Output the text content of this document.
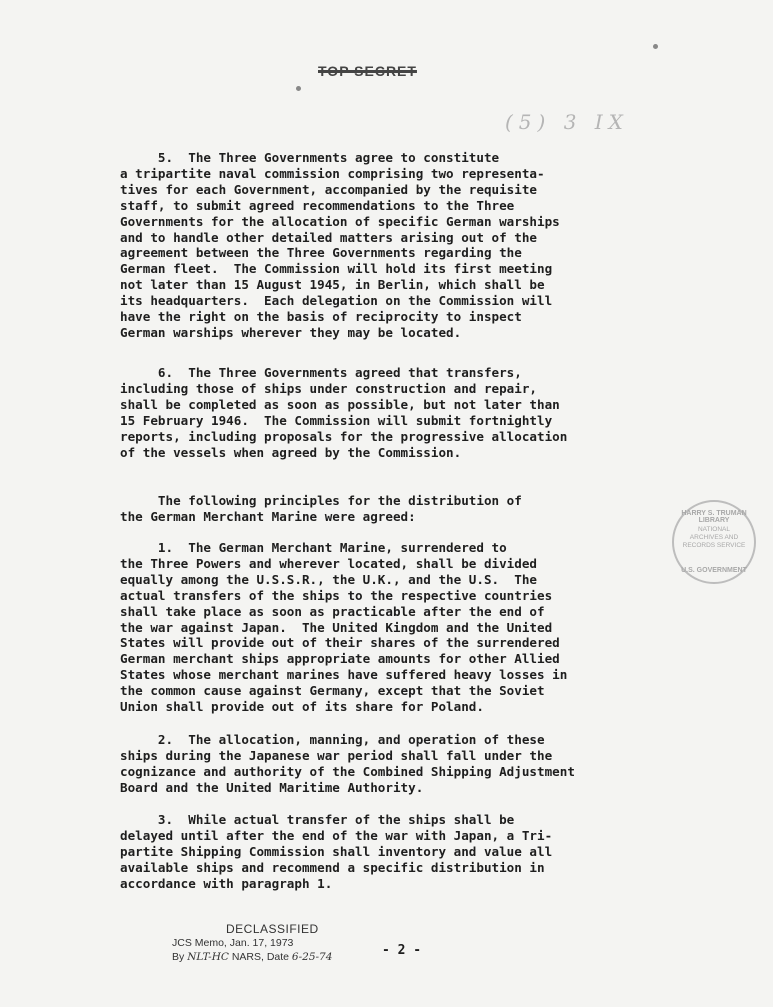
TOP SECRET
(5) 3 IX
5.  The Three Governments agree to constitute
a tripartite naval commission comprising two representa-
tives for each Government, accompanied by the requisite
staff, to submit agreed recommendations to the Three
Governments for the allocation of specific German warships
and to handle other detailed matters arising out of the
agreement between the Three Governments regarding the
German fleet.  The Commission will hold its first meeting
not later than 15 August 1945, in Berlin, which shall be
its headquarters.  Each delegation on the Commission will
have the right on the basis of reciprocity to inspect
German warships wherever they may be located.
6.  The Three Governments agreed that transfers,
including those of ships under construction and repair,
shall be completed as soon as possible, but not later than
15 February 1946.  The Commission will submit fortnightly
reports, including proposals for the progressive allocation
of the vessels when agreed by the Commission.
The following principles for the distribution of
the German Merchant Marine were agreed:
1.  The German Merchant Marine, surrendered to
the Three Powers and wherever located, shall be divided
equally among the U.S.S.R., the U.K., and the U.S.  The
actual transfers of the ships to the respective countries
shall take place as soon as practicable after the end of
the war against Japan.  The United Kingdom and the United
States will provide out of their shares of the surrendered
German merchant ships appropriate amounts for other Allied
States whose merchant marines have suffered heavy losses in
the common cause against Germany, except that the Soviet
Union shall provide out of its share for Poland.
2.  The allocation, manning, and operation of these
ships during the Japanese war period shall fall under the
cognizance and authority of the Combined Shipping Adjustment
Board and the United Maritime Authority.
3.  While actual transfer of the ships shall be
delayed until after the end of the war with Japan, a Tri-
partite Shipping Commission shall inventory and value all
available ships and recommend a specific distribution in
accordance with paragraph 1.
HARRY S. TRUMAN LIBRARY
NATIONAL ARCHIVES AND RECORDS SERVICE
U.S. GOVERNMENT
DECLASSIFIED
JCS Memo, Jan. 17, 1973
By NLT-HC NARS, Date 6-25-74	- 2 -
